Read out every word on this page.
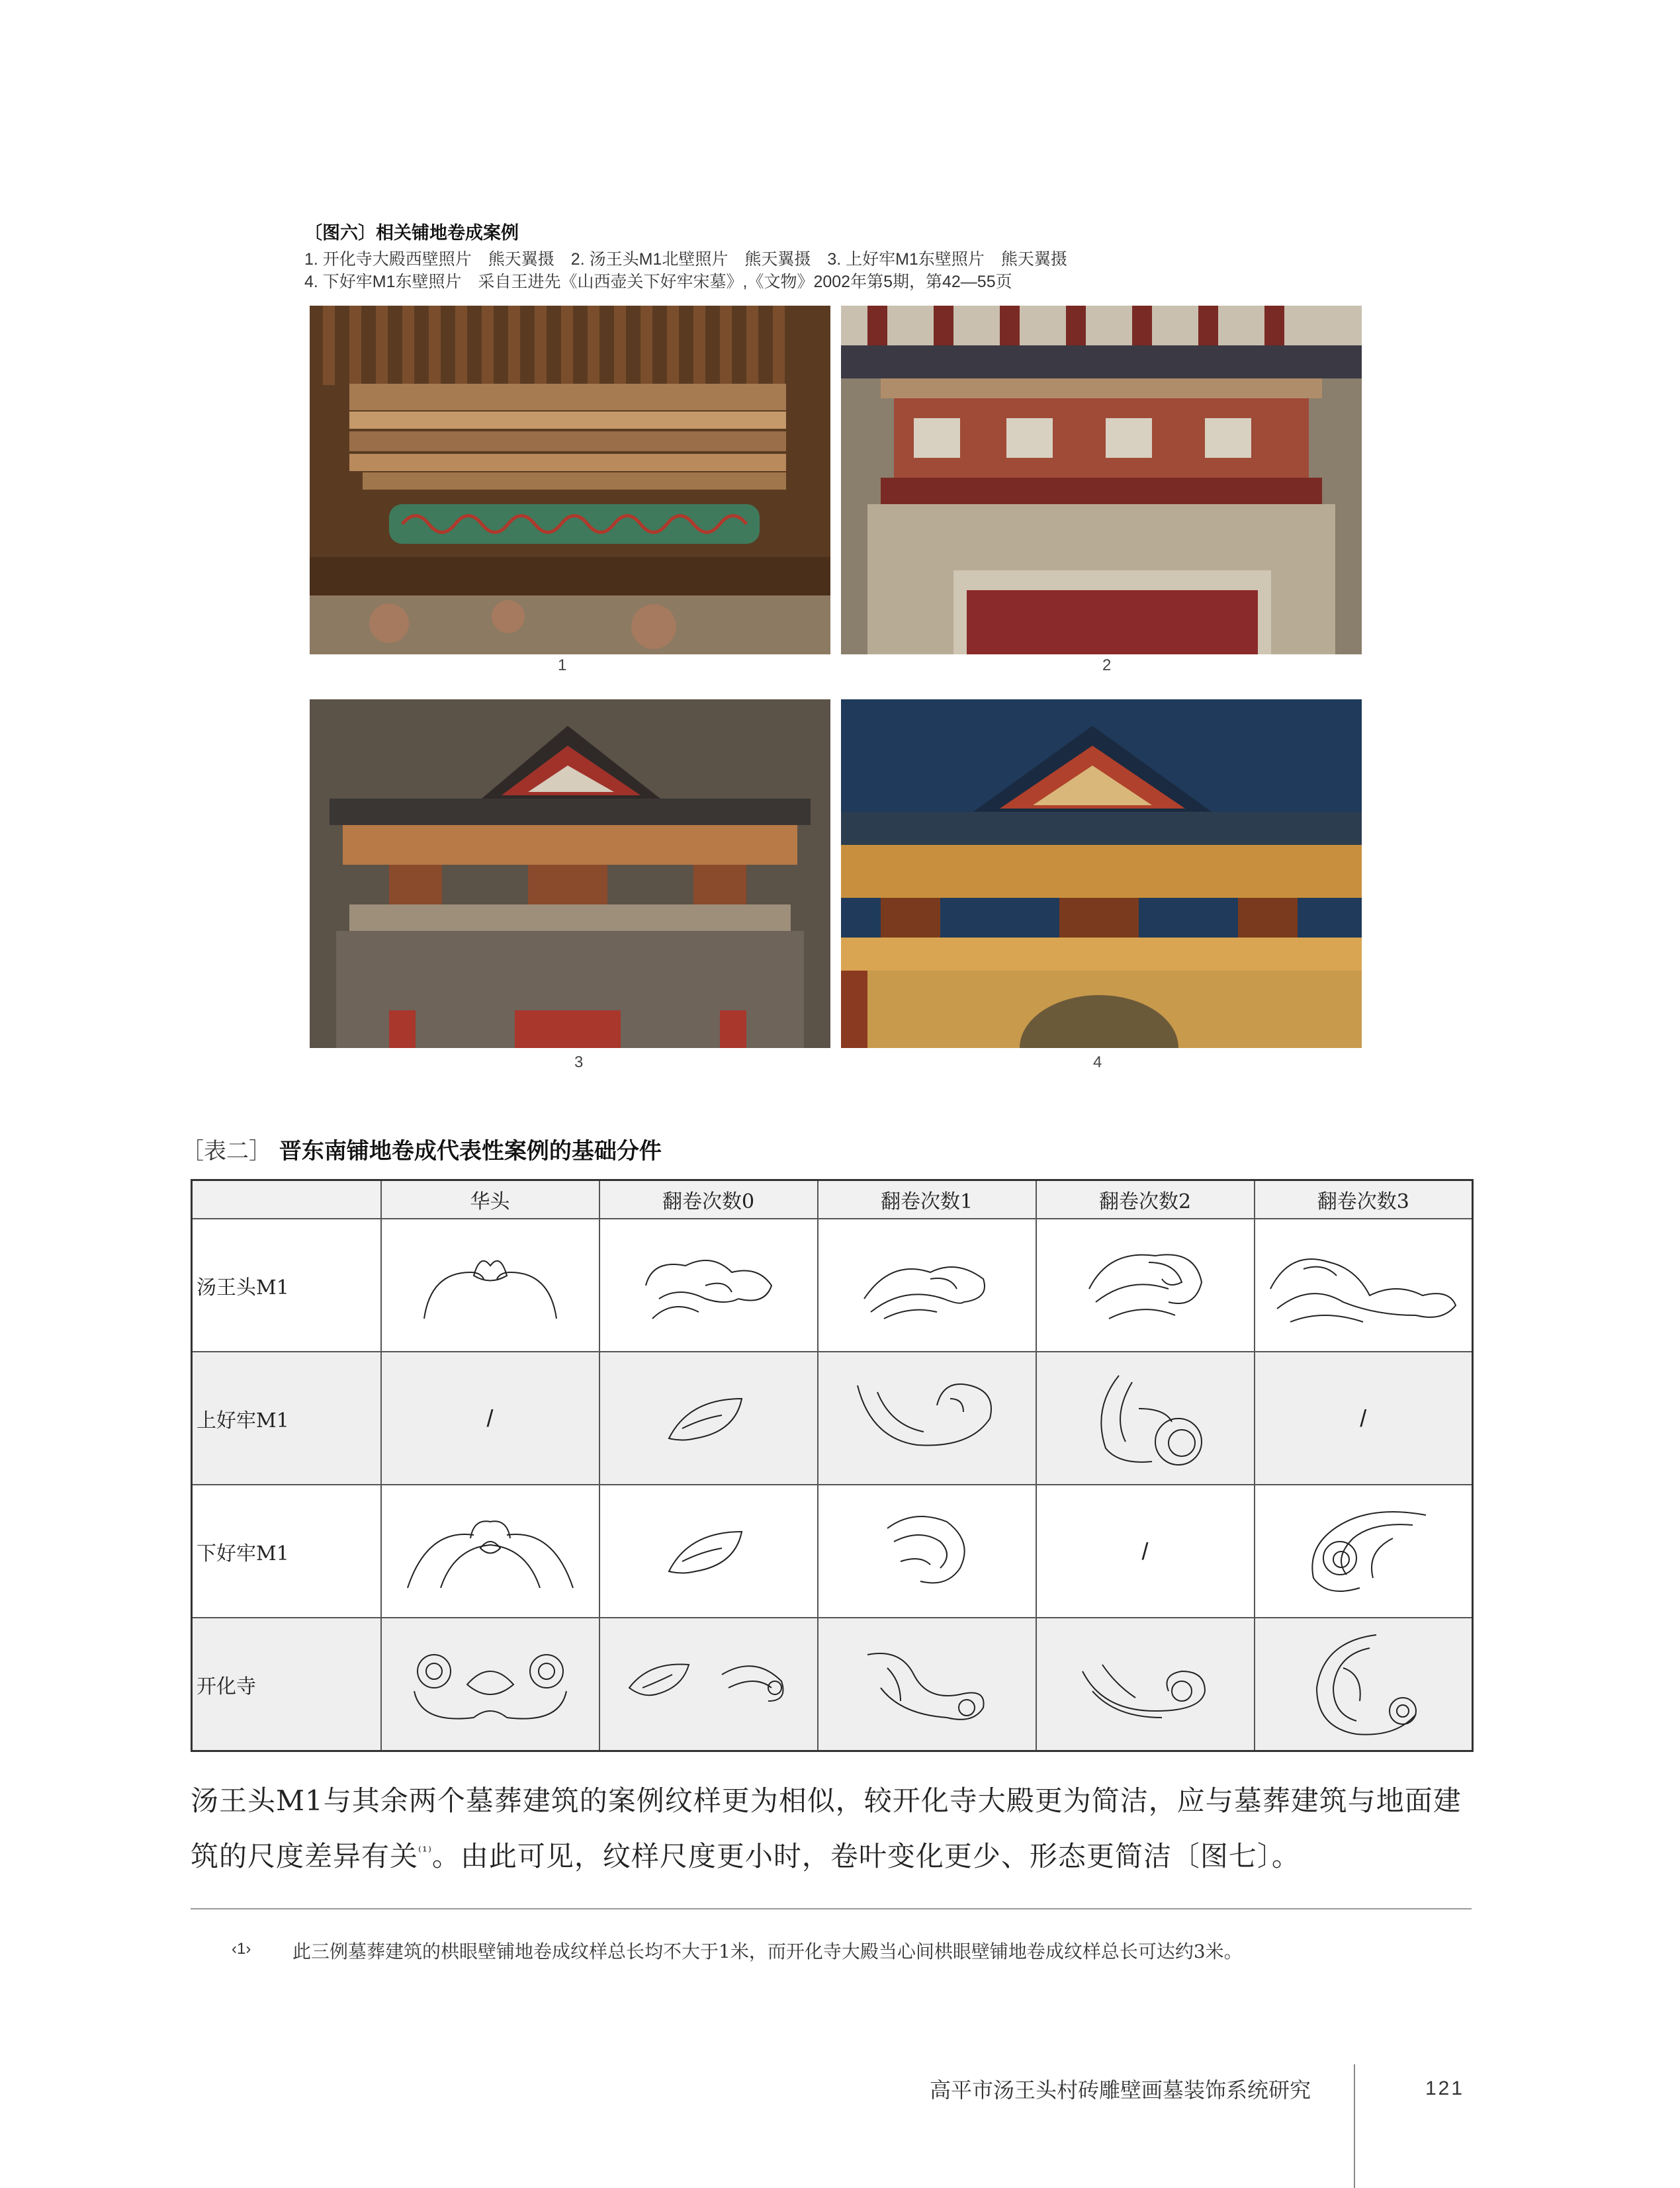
〔图六〕相关铺地卷成案例

1. 开化寺大殿西壁照片　熊天翼摄　2. 汤王头M1北壁照片　熊天翼摄　3. 上好牢M1东壁照片　熊天翼摄

4. 下好牢M1东壁照片　采自王进先《山西壶关下好牢宋墓》,《文物》2002年第5期，第42—55页

1	2
3	4
［表二］ 晋东南铺地卷成代表性案例的基础分件
	华头	翻卷次数0	翻卷次数1	翻卷次数2	翻卷次数3
汤王头M1	

上好牢M1	/				/
下好牢M1				/	

开化寺	

汤王头M1与其余两个墓葬建筑的案例纹样更为相似，较开化寺大殿更为简洁，应与墓葬建筑与地面建筑的尺度差异有关$^{^{(1)}}$。由此可见，纹样尺度更小时，卷叶变化更少、形态更简洁〔图七〕。

‹1› 此三例墓葬建筑的栱眼壁铺地卷成纹样总长均不大于1米，而开化寺大殿当心间栱眼壁铺地卷成纹样总长可达约3米。

高平市汤王头村砖雕壁画墓装饰系统研究	121
